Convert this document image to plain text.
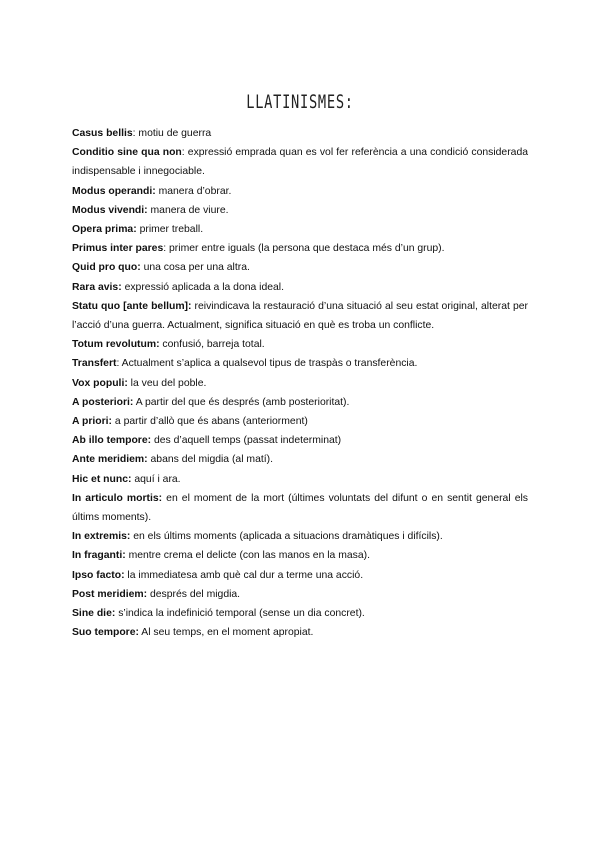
LLATINISMES:

Casus bellis: motiu de guerra

Conditio sine qua non: expressió emprada quan es vol fer referència a una condició considerada indispensable i innegociable.

Modus operandi: manera d’obrar.

Modus vivendi: manera de viure.

Opera prima: primer treball.

Primus inter pares: primer entre iguals (la persona que destaca més d’un grup).

Quid pro quo: una cosa per una altra.

Rara avis: expressió aplicada a la dona ideal.

Statu quo [ante bellum]: reivindicava la restauració d’una situació al seu estat original, alterat per l’acció d’una guerra. Actualment, significa situació en què es troba un conflicte.

Totum revolutum: confusió, barreja total.

Transfert: Actualment s’aplica a qualsevol tipus de traspàs o transferència.

Vox populi: la veu del poble.

A posteriori: A partir del que és després (amb posterioritat).

A priori: a partir d’allò que és abans (anteriorment)

Ab illo tempore: des d’aquell temps (passat indeterminat)

Ante meridiem: abans del migdia (al matí).

Hic et nunc: aquí i ara.

In articulo mortis: en el moment de la mort (últimes voluntats del difunt o en sentit general els últims moments).

In extremis: en els últims moments (aplicada a situacions dramàtiques i difícils).

In fraganti: mentre crema el delicte (con las manos en la masa).

Ipso facto: la immediatesa amb què cal dur a terme una acció.

Post meridiem: després del migdia.

Sine die: s’indica la indefinició temporal (sense un dia concret).

Suo tempore: Al seu temps, en el moment apropiat.
